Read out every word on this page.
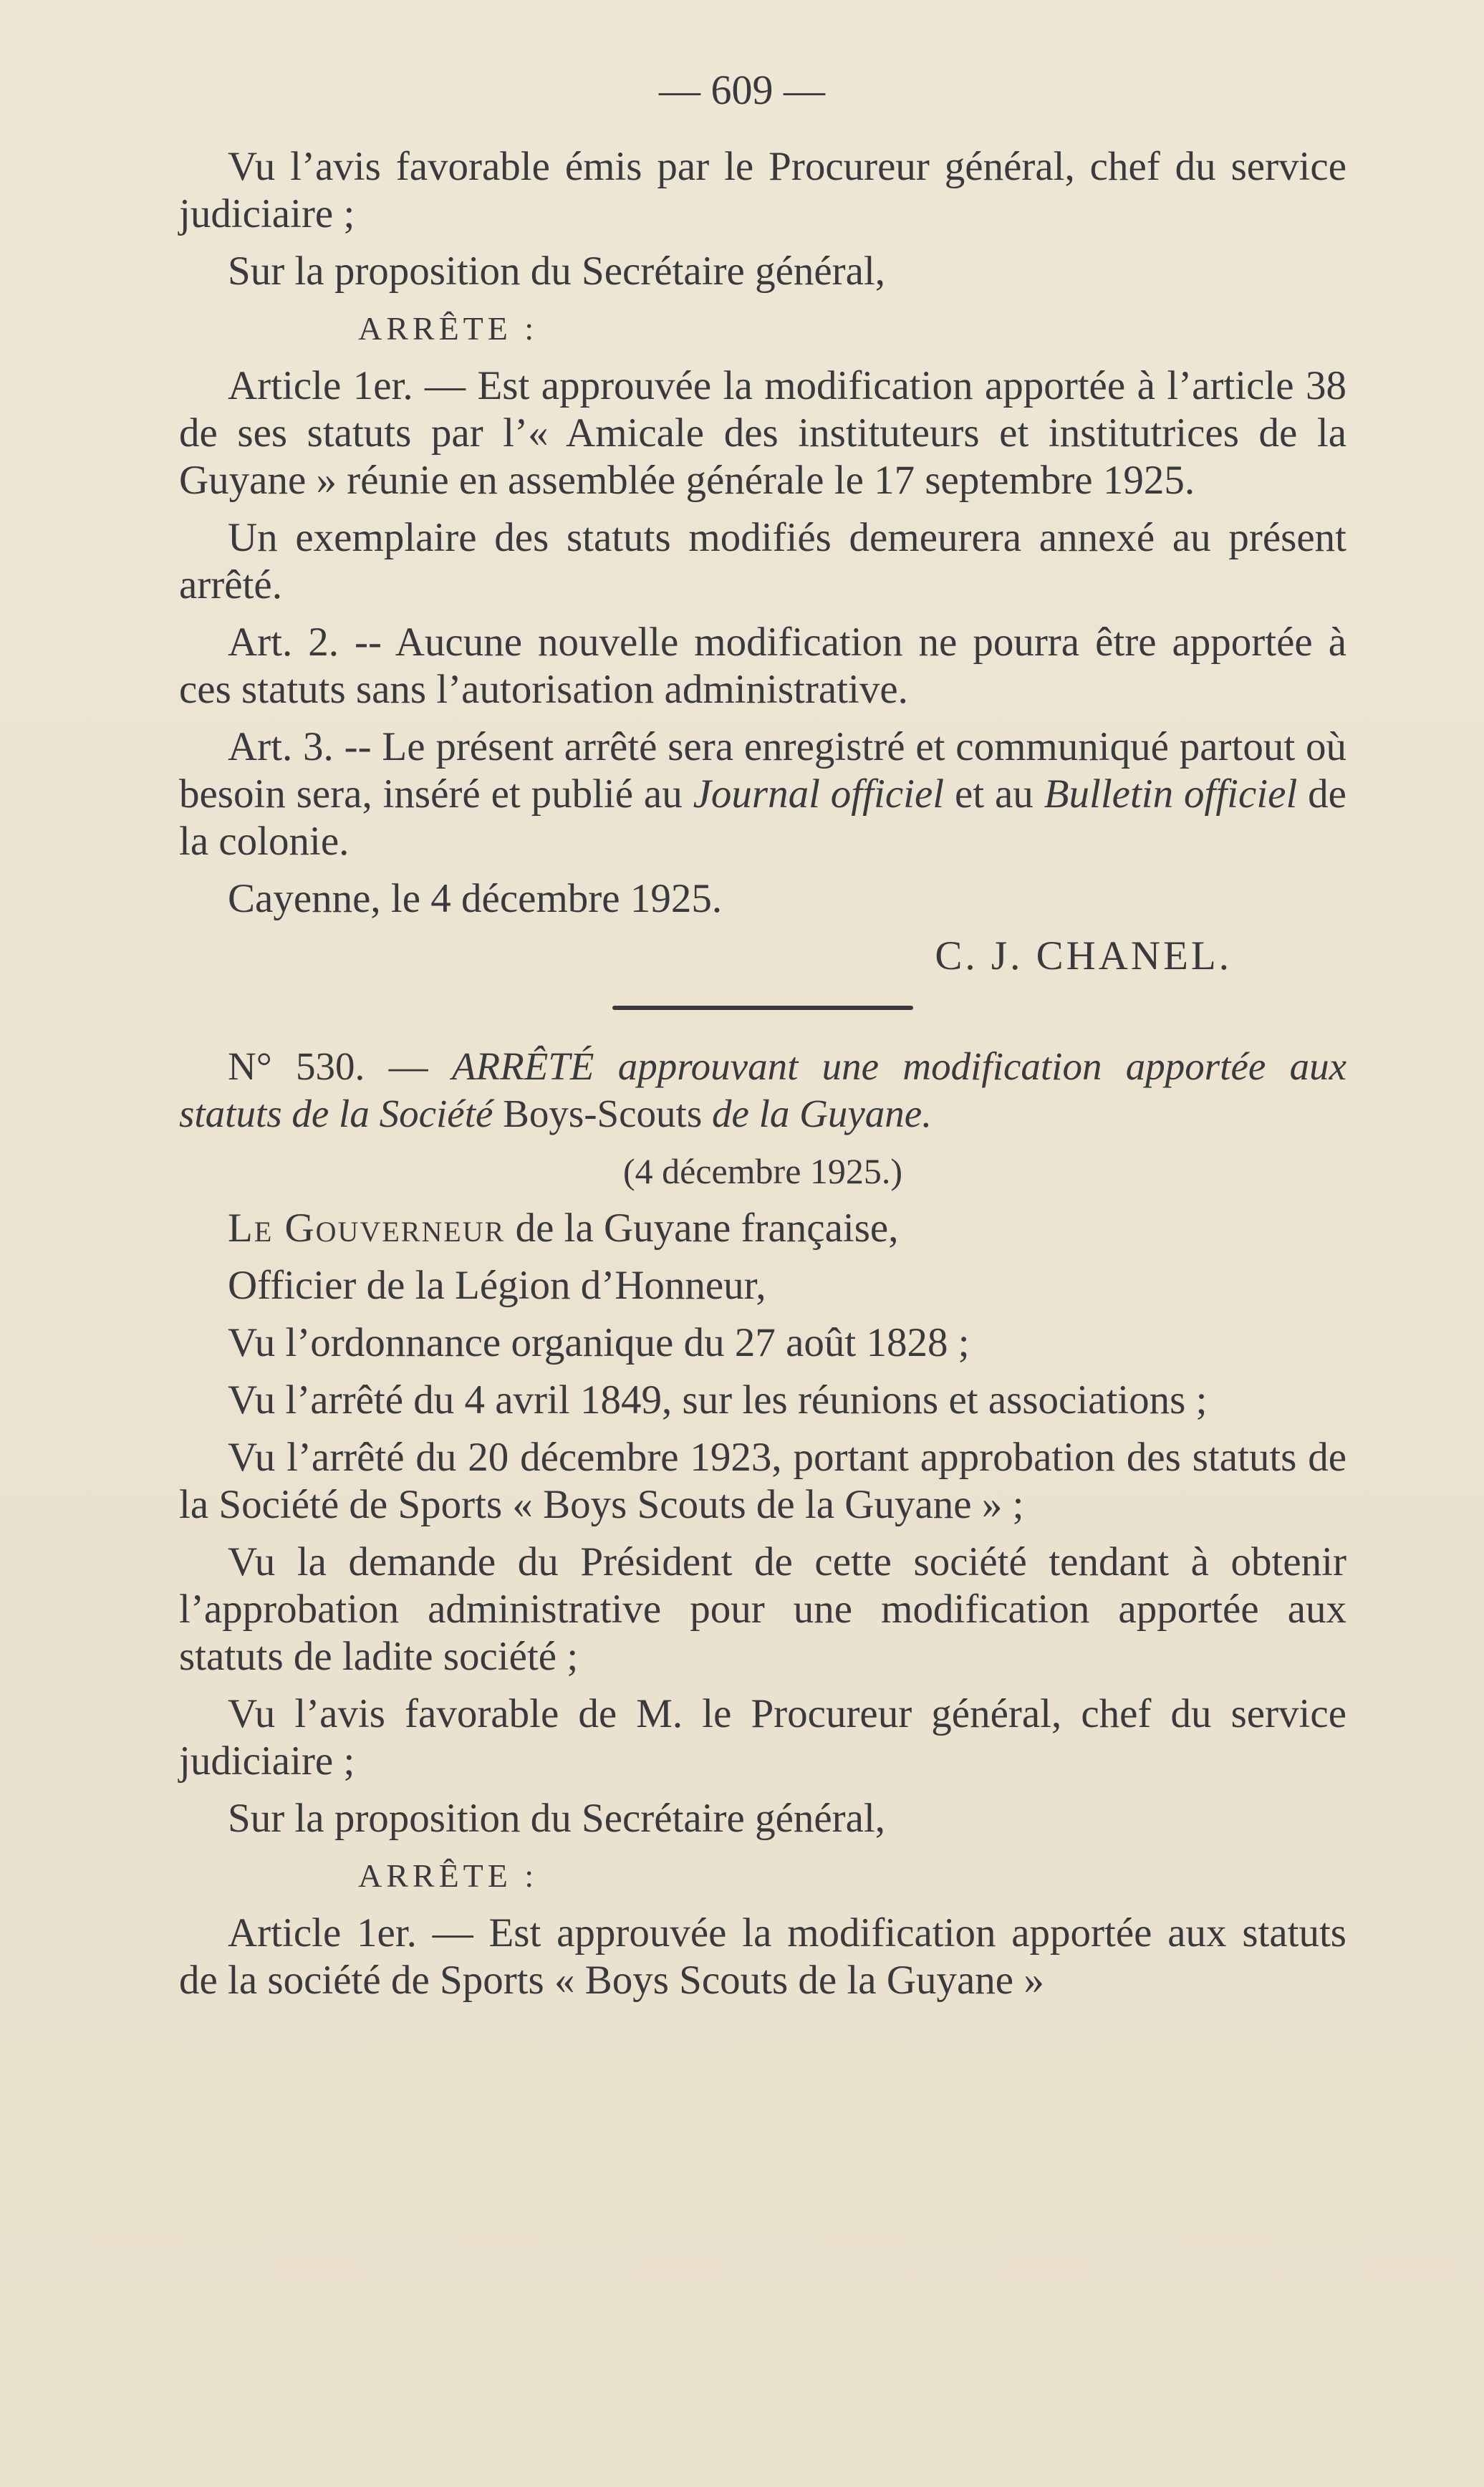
— 609 —

Vu l’avis favorable émis par le Procureur général, chef du service judiciaire ;

Sur la proposition du Secrétaire général,

ARRÊTE :

Article 1er. — Est approuvée la modification apportée à l’article 38 de ses statuts par l’« Amicale des instituteurs et institutrices de la Guyane » réunie en assemblée générale le 17 septembre 1925.

Un exemplaire des statuts modifiés demeurera annexé au présent arrêté.

Art. 2. -- Aucune nouvelle modification ne pourra être apportée à ces statuts sans l’autorisation administrative.

Art. 3. -- Le présent arrêté sera enregistré et communiqué partout où besoin sera, inséré et publié au Journal officiel et au Bulletin officiel de la colonie.

Cayenne, le 4 décembre 1925.

C. J. CHANEL.

N° 530. — ARRÊTÉ approuvant une modification apportée aux statuts de la Société Boys-Scouts de la Guyane.

(4 décembre 1925.)

Le Gouverneur de la Guyane française,

Officier de la Légion d’Honneur,

Vu l’ordonnance organique du 27 août 1828 ;

Vu l’arrêté du 4 avril 1849, sur les réunions et associations ;

Vu l’arrêté du 20 décembre 1923, portant approbation des statuts de la Société de Sports « Boys Scouts de la Guyane » ;

Vu la demande du Président de cette société tendant à obtenir l’approbation administrative pour une modification apportée aux statuts de ladite société ;

Vu l’avis favorable de M. le Procureur général, chef du service judiciaire ;

Sur la proposition du Secrétaire général,

ARRÊTE :

Article 1er. — Est approuvée la modification apportée aux statuts de la société de Sports « Boys Scouts de la Guyane »
